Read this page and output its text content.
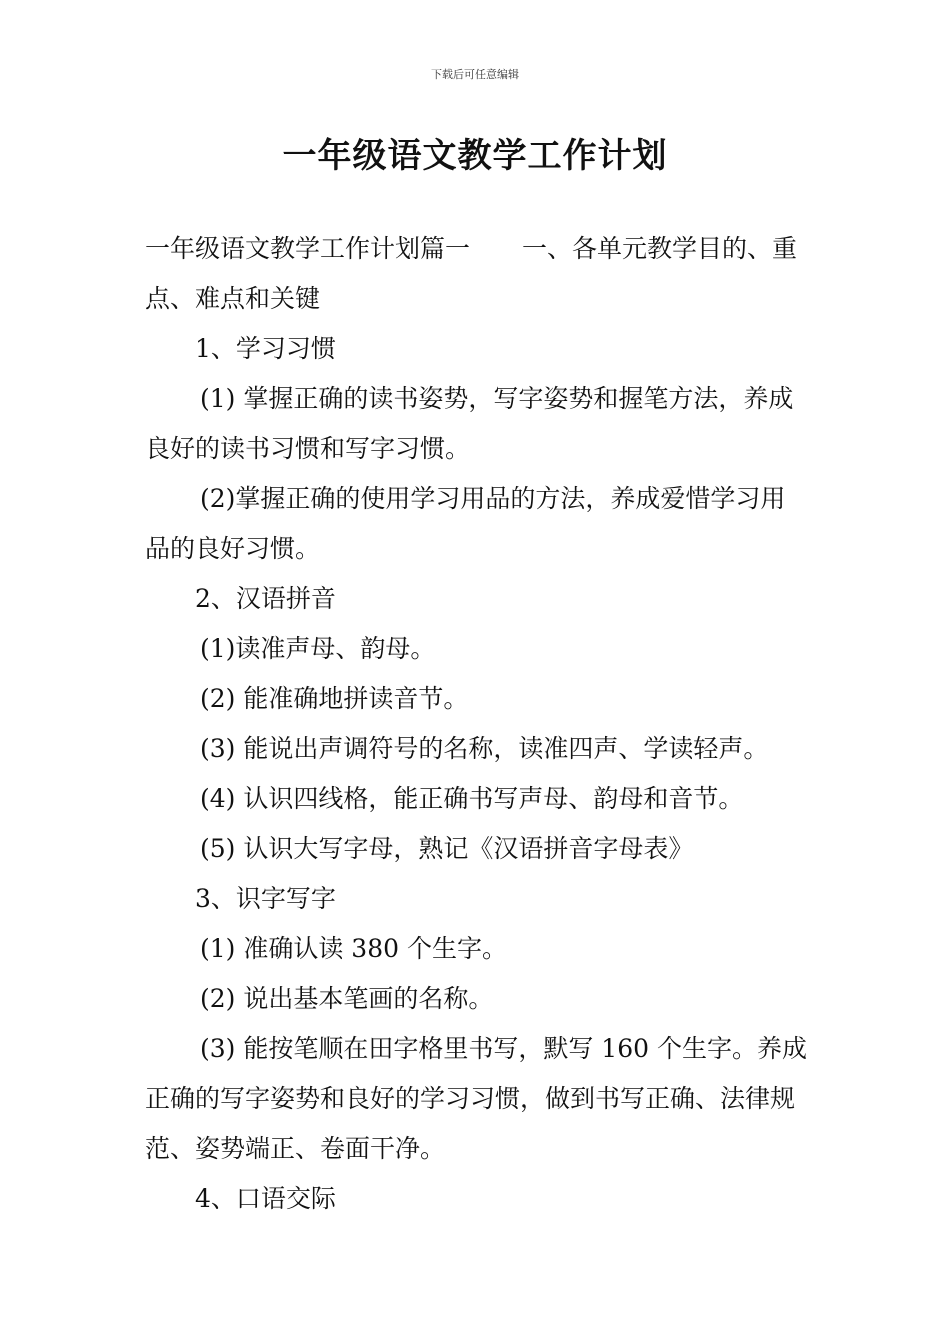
下载后可任意编辑
一年级语文教学工作计划

一年级语文教学工作计划篇一 一、各单元教学目的、重点、难点和关键

1、学习习惯

(1) 掌握正确的读书姿势，写字姿势和握笔方法，养成良好的读书习惯和写字习惯。

(2)掌握正确的使用学习用品的方法，养成爱惜学习用品的良好习惯。

2、汉语拼音

(1)读准声母、韵母。

(2) 能准确地拼读音节。

(3) 能说出声调符号的名称，读准四声、学读轻声。

(4) 认识四线格，能正确书写声母、韵母和音节。

(5) 认识大写字母，熟记《汉语拼音字母表》

3、识字写字

(1) 准确认读 380 个生字。

(2) 说出基本笔画的名称。

(3) 能按笔顺在田字格里书写，默写 160 个生字。养成正确的写字姿势和良好的学习习惯，做到书写正确、法律规范、姿势端正、卷面干净。

4、口语交际
